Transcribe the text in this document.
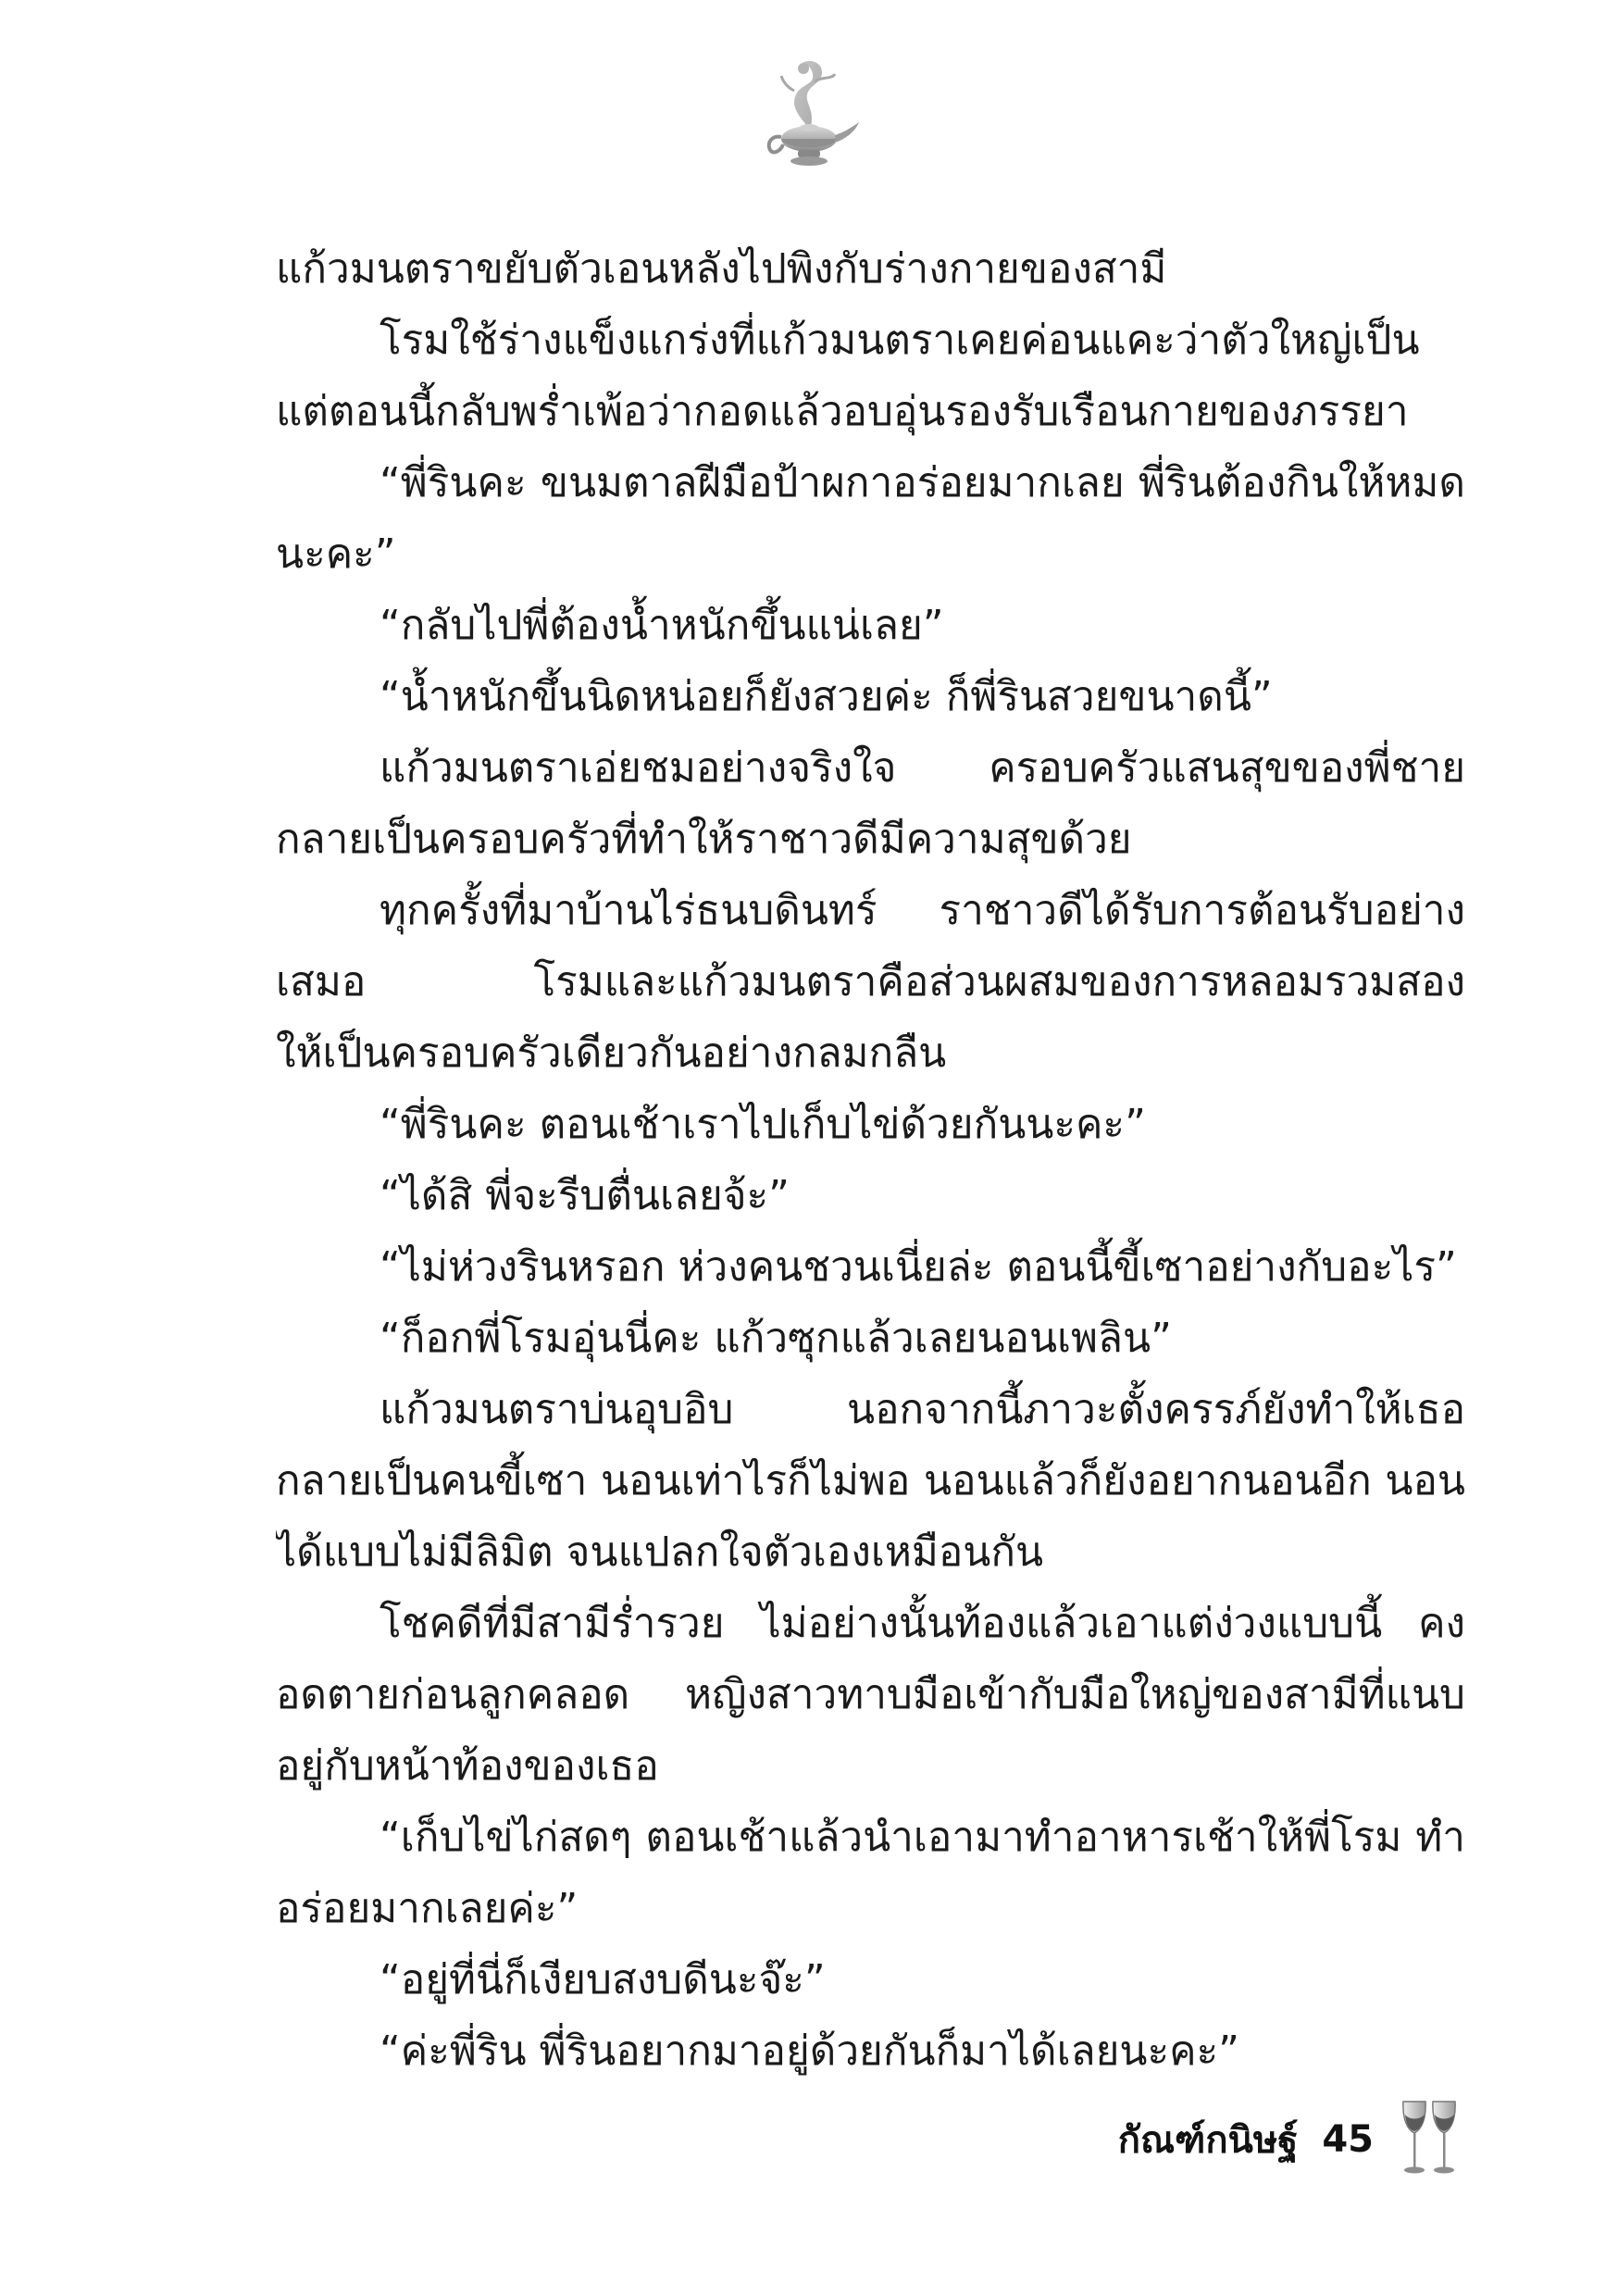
แก้วมนตราขยับตัวเอนหลังไปพิงกับร่างกายของสามี
โรมใช้ร่างแข็งแกร่งที่แก้วมนตราเคยค่อนแคะว่าตัวใหญ่เป็น
แต่ตอนนี้กลับพร่ำเพ้อว่ากอดแล้วอบอุ่นรองรับเรือนกายของภรรยา
“พี่รินคะ ขนมตาลฝีมือป้าผกาอร่อยมากเลย พี่รินต้องกินให้หมด
นะคะ”
“กลับไปพี่ต้องน้ำหนักขึ้นแน่เลย”
“น้ำหนักขึ้นนิดหน่อยก็ยังสวยค่ะ ก็พี่รินสวยขนาดนี้”
แก้วมนตราเอ่ยชมอย่างจริงใจ ครอบครัวแสนสุขของพี่ชาย
กลายเป็นครอบครัวที่ทำให้ราชาวดีมีความสุขด้วย
ทุกครั้งที่มาบ้านไร่ธนบดินทร์ ราชาวดีได้รับการต้อนรับอย่าง
เสมอ โรมและแก้วมนตราคือส่วนผสมของการหลอมรวมสอง
ให้เป็นครอบครัวเดียวกันอย่างกลมกลืน
“พี่รินคะ ตอนเช้าเราไปเก็บไข่ด้วยกันนะคะ”
“ได้สิ พี่จะรีบตื่นเลยจ้ะ”
“ไม่ห่วงรินหรอก ห่วงคนชวนเนี่ยล่ะ ตอนนี้ขี้เซาอย่างกับอะไร”
“ก็อกพี่โรมอุ่นนี่คะ แก้วซุกแล้วเลยนอนเพลิน”
แก้วมนตราบ่นอุบอิบ นอกจากนี้ภาวะตั้งครรภ์ยังทำให้เธอ
กลายเป็นคนขี้เซา นอนเท่าไรก็ไม่พอ นอนแล้วก็ยังอยากนอนอีก นอน
ได้แบบไม่มีลิมิต จนแปลกใจตัวเองเหมือนกัน
โชคดีที่มีสามีร่ำรวย ไม่อย่างนั้นท้องแล้วเอาแต่ง่วงแบบนี้ คง
อดตายก่อนลูกคลอด หญิงสาวทาบมือเข้ากับมือใหญ่ของสามีที่แนบ
อยู่กับหน้าท้องของเธอ
“เก็บไข่ไก่สดๆ ตอนเช้าแล้วนำเอามาทำอาหารเช้าให้พี่โรม ทำ
อร่อยมากเลยค่ะ”
“อยู่ที่นี่ก็เงียบสงบดีนะจ๊ะ”
“ค่ะพี่ริน พี่รินอยากมาอยู่ด้วยกันก็มาได้เลยนะคะ”
กัณฑ์กนิษฐ์ 45
